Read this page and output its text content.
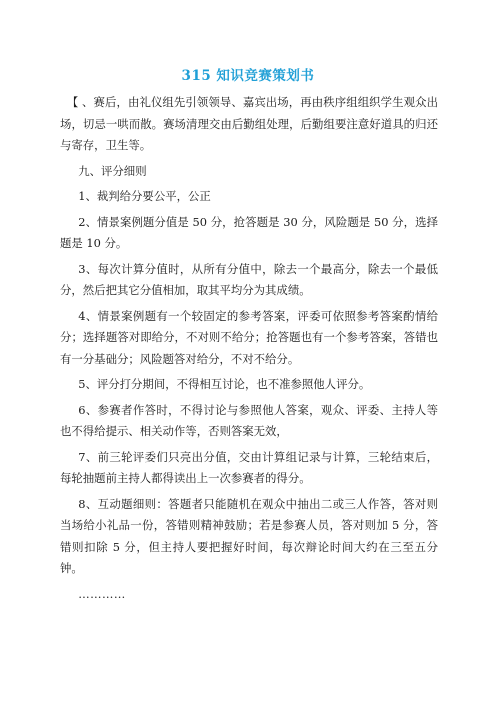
315 知识竞赛策划书

【 、赛后，由礼仪组先引领领导、嘉宾出场，再由秩序组组织学生观众出场，切忌一哄而散。赛场清理交由后勤组处理，后勤组要注意好道具的归还与寄存，卫生等。

九、评分细则

1、裁判给分要公平，公正

2、情景案例题分值是 50 分，抢答题是 30 分，风险题是 50 分，选择题是 10 分。

3、每次计算分值时，从所有分值中，除去一个最高分，除去一个最低分，然后把其它分值相加，取其平均分为其成绩。

4、情景案例题有一个较固定的参考答案，评委可依照参考答案酌情给分；选择题答对即给分，不对则不给分；抢答题也有一个参考答案，答错也有一分基础分；风险题答对给分，不对不给分。

5、评分打分期间，不得相互讨论，也不准参照他人评分。

6、参赛者作答时，不得讨论与参照他人答案，观众、评委、主持人等也不得给提示、相关动作等，否则答案无效，

7、前三轮评委们只亮出分值，交由计算组记录与计算，三轮结束后，每轮抽题前主持人都得读出上一次参赛者的得分。

8、互动题细则：答题者只能随机在观众中抽出二或三人作答，答对则当场给小礼品一份，答错则精神鼓励；若是参赛人员，答对则加 5 分，答错则扣除 5 分，但主持人要把握好时间，每次辩论时间大约在三至五分钟。

…………
